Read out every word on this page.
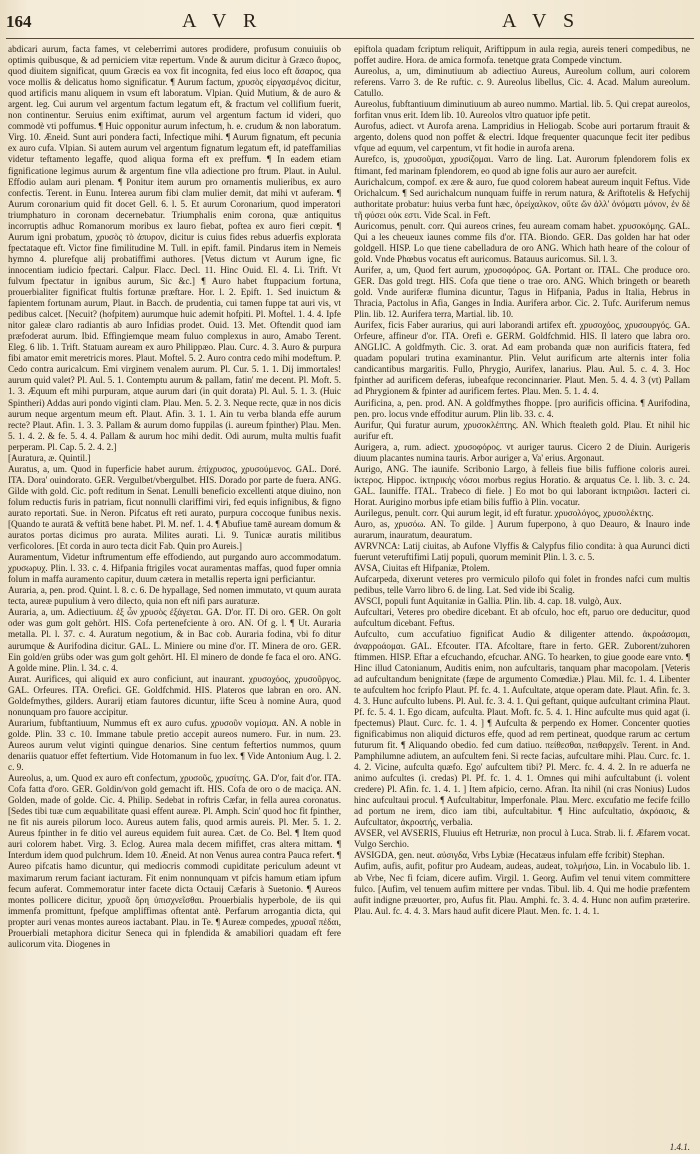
164	A V R	A V S
abdicari aurum, facta fames, vt celeberrimi autores prodidere, profusum conuiuiis ob optimis quibusque, & ad perniciem vitæ repertum. Vnde & aurum dicitur à Græco ἄυρος, quod diuitem significat, quum Græcis ea vox fit incognita, fed eius loco eft ἄσαρος, qua voce mollis & delicatus homo significatur. ¶ Aurum factum, χρυσὸς εἰργασμένος dicitur, quod artificis manu aliquem in vsum eft laboratum. Vlpian. Quid Mutium, & de auro & argent. leg. Cui aurum vel argentum factum legatum eft, & fractum vel collifium fuerit, non continentur. Seruius enim exiftimat, aurum vel argentum factum id videri, quo commodè vti poffumus. ¶ Huic opponitur aurum infectum, h. e. crudum & non laboratum. Virg. 10. Æneid. Sunt auri pondera facti, Infectique mihi. ¶ Aurum fignatum, eft pecunia ex auro cufa. Vlpian. Si autem aurum vel argentum fignatum legatum eft, id pateffamilias videtur teftamento legaffe, quod aliqua forma eft ex preffum. ¶ In eadem etiam fignificatione legimus aurum & argentum fine vlla adiectione pro ftrum. Plaut. in Aulul. Effodio aulam auri plenam. ¶ Ponitur item aurum pro ornamentis mulieribus, ex auro confectis. Terent. in Eunu. Interea aurum fibi clam mulier demit, dat mihi vt auferam. ¶ Aurum coronarium quid fit docet Gell. 6. l. 5. Et aurum Coronarium, quod imperatori triumphaturo in coronam decernebatur. Triumphalis enim corona, quæ antiquitus incorruptis adhuc Romanorum moribus ex lauro fiebat, poftea ex auro fieri cœpit. ¶ Aurum igni probatum, χρυσὸς τὸ ἀπυρον, dicitur is cuius fides rebus aduerfis explorata fpectataque eft. Victor fine fimilitudine M. Tull. in epift. famil. Pindarus item in Nemeis hymno 4. plurefque alij probatiffimi authores. [Vetus dictum vt Aurum igne, fic innocentiam iudicio fpectari. Calpur. Flacc. Decl. 11. Hinc Ouid. El. 4. Li. Trift. Vt fulvum fpectatur in ignibus aurum, Sic &c.] ¶ Auro habet ftuppacium fortuna, prouerbialiter fignificat ftultis fortunæ præftare. Hor. l. 2. Epift. 1. Sed inuictum & fapientem fortunam aurum, Plaut. in Bacch. de prudentia, cui tamen fuppe tat auri vis, vt pedibus calcet. [Necuit? (hofpitem) aurumque huic ademit hofpiti. Pl. Moftel. 1. 4. 4. Ipfe nitor galeæ claro radiantis ab auro Infidias prodet. Ouid. 13. Met. Oftendit quod iam præfoderat aurum. Ibid. Effingiemque meam fuluo complexus in auro, Amabo Terent. Eleg. 6 lib. 1. Trift. Statuam auream ex auro Philippæo. Plau. Curc. 4. 3. Auro & purpura fibi amator emit meretricis mores. Plaut. Moftel. 5. 2. Auro contra cedo mihi modeftum. P. Cedo contra auricalcum. Emi virginem venalem aurum. Pl. Cur. 5. 1. 1. Dij immortales! aurum quid valet? Pl. Aul. 5. 1. Contemptu aurum & pallam, fatin' me decent. Pl. Moft. 5. 1. 3. Æquum eft mihi purpuram, atque aurum dari (in quit dorata) Pl. Aul. 5. 1. 3. (Huic Spintheri) Addas auri pondo viginti clam. Plau. Men. 5. 2. 3. Neque recte, quæ in nos dicis aurum neque argentum meum eft. Plaut. Afin. 3. 1. 1. Ain tu verba blanda effe aurum recte? Plaut. Afin. 1. 3. 3. Pallam & aurum domo fuppilas (i. aureum fpinther) Plau. Men. 5. 1. 4. 2. & fe. 5. 4. 4. Pallam & aurum hoc mihi dedit. Odi aurum, multa multis fuafit perperam. Pl. Cap. 5. 2. 4. 2.]
[Auratura, æ. Quintil.]
Auratus, a, um. Quod in fuperficie habet aurum. ἐπίχρυσος, χρυσούμενος. GAL. Doré. ITA. Dora' ouindorato. GER. Vergulbet/vbergulbet. HIS. Dorado por parte de fuera. ANG. Gilde with gold. Cic. poft reditum in Senat. Lenulli beneficio excellenti atque diuino, non folum reductis furis in patriam, ficut nonnulli clariffimi viri, fed equis infignibus, & figno aurato reportati. Sue. in Neron. Pifcatus eft reti aurato, purpura coccoque funibus nexis. [Quando te auratā & veftitā bene habet. Pl. M. nef. 1. 4. ¶ Abufiue tamē auream domum & auratos portas dicimus pro aurata. Milites aurati. Li. 9. Tunicæ auratis militibus verficolores. [Et corda in auro tecta dicit Fab. Quin pro Aureis.]
Auramentum, Videtur inftrumentum effe effodiendo, aut purgando auro accommodatum. χρυσωρυχ. Plin. l. 33. c. 4. Hifpania ftrigiles vocat auramentas maffas, quod fuper omnia folum in maffa auramento capitur, duum cætera in metallis reperta igni perficiantur.
Auraria, a, pen. prod. Quint. l. 8. c. 6. De hypallage, Sed nomen immutato, vt quum aurata tecta, aureæ pupulium à vero dilecto, quia non eft nifi pars auraturæ.
Auraria, a, um. Adiectiuum. ἐξ ὧν χρυσὸς ἐξάγεται. GA. D'or. IT. Di oro. GER. On golt oder was gum golt gehört. HIS. Cofa pertenefciente à oro. AN. Of g. l. ¶ Ut. Auraria metalla. Pl. l. 37. c. 4. Auratum negotium, & in Bac cob. Auraria fodina, vbi fo ditur aurumque & Aurifodina dicitur. GAL. L. Miniere ou mine d'or. IT. Minera de oro. GER. Ein gold/en grübs oder was gum golt gehört. HI. El minero de donde fe faca el oro. ANG. A golde mine. Plin. l. 34. c. 4.
Aurat. Aurifices, qui aliquid ex auro conficiunt, aut inaurant. χρυσοχόος, χρυσοῦργος. GAL. Orfeures. ITA. Orefici. GE. Goldfchmid. HIS. Plateros que labran en oro. AN. Goldefmythes, gilders. Aurarij etiam fautores dicuntur, iifte Sceu à nomine Aura, quod nonunquam pro fauore accipitur.
Aurarium, fubftantiuum, Nummus eft ex auro cufus. χρυσοῦν νομίσμα. AN. A noble in golde. Plin. 33 c. 10. Immane tabule pretio accepit aureos numero. Fur. in num. 23. Aureos aurum velut viginti quingue denarios. Sine centum feftertios nummos, quum denariis quatuor effet feftertium. Vide Hotomanum in fuo lex. ¶ Vide Antonium Aug. l. 2. c. 9.
Aureolus, a, um. Quod ex auro eft confectum, χρυσοῦς, χρυσίτης. GA. D'or, fait d'or. ITA. Cofa fatta d'oro. GER. Goldin/von gold gemacht ift. HIS. Cofa de oro o de maciça. AN. Golden, made of golde. Cic. 4. Philip. Sedebat in roftris Cæfar, in fella aurea coronatus. [Sedes tibi tuæ cum æquabilitate quasi effent aureæ. Pl. Amph. Scin' quod hoc fit fpinther, ne fit nis aureis pilorum loco. Aureus autem falis, quod armis aureis. Pl. Mer. 5. 1. 2. Aureus fpinther in fe ditio vel aureus equidem fuit aurea. Cæt. de Co. Bel. ¶ Item quod auri colorem habet. Virg. 3. Eclog. Aurea mala decem mififfet, cras altera mittam. ¶ Interdum idem quod pulchrum. Idem 10. Æneid. At non Venus aurea contra Pauca refert. ¶ Aureo pifcatis hamo dicuntur, qui mediocris commodi cupiditate periculum adeunt vt maximarum rerum faciant iacturam. Fit enim nonnunquam vt pifcis hamum etiam ipfum fecum auferat. Commemoratur inter facete dicta Octauij Cæfaris à Suetonio. ¶ Aureos montes pollicere dicitur, χρυσᾶ ὄρη ὑπισχνεῖσθαι. Prouerbialis hyperbole, de iis qui immenfa promittunt, fpefque ampliffimas oftentat antè. Perfarum arrogantia dicta, qui propter auri venas montes aureos iactabant. Plau. in Te. ¶ Aureæ compedes, χρυσαῖ πέδαι, Prouerbiali metaphora dicitur Seneca qui in fplendida & amabiliori quadam eft fere aulicorum vita. Diogenes in
epiftola quadam fcriptum reliquit, Ariftippum in aula regia, aureis teneri compedibus, ne poffet audire. Hora. de amica formofa. tenetque grata Compede vinctum.
Aureolus, a, um, diminutiuum ab adiectiuo Aureus, Aureolum collum, auri colorem referens. Varro 3. de Re ruftic. c. 9. Aureolus libellus, Cic. 4. Acad. Malum aureolum. Catullo.
Aureolus, fubftantiuum diminutiuum ab aureo nummo. Martial. lib. 5. Qui crepat aureolos, forfitan vnus erit. Idem lib. 10. Aureolos vltro quatuor ipfe petit.
Aurofus, adiect. vt Aurofa arena. Lampridius in Heliogab. Scobe auri portarum ftrauit & argento, dolens quod non poffet & electri. Idque frequenter quacunque fecit iter pedibus vfque ad equum, vel carpentum, vt fit hodie in aurofa arena.
Aurefco, is, χρυσοῦμαι, χρυσίζομαι. Varro de ling. Lat. Aurorum fplendorem folis ex ftimant, fed marinam fplendorem, eo quod ab igne folis aur auro aer aurefcit.
Aurichalcum, compof. ex ære & auro, fue quod colorem habeat aureum inquit Feftus. Vide Orichalcum. ¶ Sed aurichalcum nunquam fuiffe in rerum natura, & Ariftotelis & Hefychij authoritate probatur: huius verba funt hæc, ὀρείχαλκον, οὔτε ὤν ἀλλ' ὀνόματι μόνον, ἐν δὲ τῆ φύσει οὐκ εστι. Vide Scal. in Feft.
Auricomus, penult. corr. Qui aureos crines, feu auream comam habet. χρυσοκόμης. GAL. Qui a les cheueux iaunes comme fils d'or. ITA. Biondo. GER. Das golden har hat oder goldgell. HISP. Lo que tiene cabelladura de oro ANG. Which hath heare of the colour of gold. Vnde Phœbus vocatus eft auricomus. Batauus auricomus. Sil. l. 3.
Aurifer, a, um, Quod fert aurum, χρυσοφόρος. GA. Portant or. ITAL. Che produce oro. GER. Das gold tregt. HIS. Cofa que tiene o trae oro. ANG. Which bringeth or beareth gold. Vnde auriferæ flumina dicuntur, Tagus in Hifpania, Padus in Italia, Hebrus in Thracia, Pactolus in Afia, Ganges in India. Aurifera arbor. Cic. 2. Tufc. Auriferum nemus Plin. lib. 12. Aurifera terra, Martial. lib. 10.
Aurifex, ficis Faber aurarius, qui auri laborandi artifex eft. χρυσοχόος, χρυσουργός. GA. Orfeure, affineur d'or. ITA. Orefi e. GERM. Goldfchmid. HIS. Il latero que labra oro. ANGLIC. A goldfmyth. Cic. 3. orat. Ad eam probanda quæ non aurificis ftatera, fed quadam populari trutina examinantur. Plin. Velut aurificum arte alternis inter folia candicantibus margaritis. Fullo, Phrygio, Aurifex, lanarius. Plau. Aul. 5. c. 4. 3. Hoc fpinther ad aurificem deferas, iubeafque reconcinnarier. Plaut. Men. 5. 4. 4. 3 (vt) Pallam ad Phrygionem & fpinter ad aurificem fertes. Plau. Men. 5. 1. 4. 4.
Aurificina, a, pen. prod. AN. A goldfmythes fhoppe. [pro aurificis officina. ¶ Aurifodina, pen. pro. locus vnde effoditur aurum. Plin lib. 33. c. 4.
Aurifur, Qui furatur aurum, χρυσοκλέπτης. AN. Which ftealeth gold. Plau. Et nihil hic aurifur eft.
Aurigera, a, rum. adiect. χρυσοφόρος. vt auriger taurus. Cicero 2 de Diuin. Aurigeris diuum placantes numina tauris. Arbor auriger a, Va' erius. Argonaut.
Aurigo, ANG. The iaunife. Scribonio Largo, à felleis fiue bilis fuffione coloris aurei. ἰκτερος. Hippoc. ἰκτηρικὴς νόσοι morbus regius Horatio. & arquatus Ce. l. lib. 3. c. 24. GAL. Iauniffe. ITAL. Trabeco di fiele. ] Eo mot bo qui laborant ἰκτηριῶσι. Iacteri ci. Horat. Aurigino morbus ipfe etiam bilis fuffio à Plin. vocatur.
Aurilegus, penult. corr. Qui aurum legit, id eft furatur. χρυσολόγος, χρυσολέκτης.
Auro, as, χρυσόω. AN. To gilde. ] Aurum fuperpono, à quo Deauro, & Inauro inde aurarum, inauratum, deauratum.
AVRVNCA: Latij ciuitas, ab Aufone Vlyffis & Calypfus filio condita: à qua Aurunci dicti fuerunt veteruftifimi Latij populi, quorum meminit Plin. l. 3. c. 5.
AVSA, Ciuitas eft Hifpaniæ, Ptolem.
Aufcarpeda, dixerunt veteres pro vermiculo pilofo qui folet in frondes nafci cum multis pedibus, telle Varro libro 6. de ling. Lat. Sed vide ibi Scalig.
AVSCI, populi funt Aquitaniæ in Gallia. Plin. lib. 4. cap. 18. vulgò, Aux.
Aufcultari, Veteres pro obedire dicebant. Et ab ofculo, hoc eft, paruo ore deducitur, quod aufcultum dicebant. Feftus.
Aufculto, cum accufatiuo fignificat Audio & diligenter attendo. ἀκροάσομαι, ἀναρροάομαι. GAL. Efcouter. ITA. Afcoltare, ftare in ferto. GER. Zuborent/zuhoren ftimmen. HISP. Eftar a efcuchando, efcuchar. ANG. To hearken, to giue goode eare vnto. ¶ Hinc illud Catonianum, Auditis enim, non aufcultaris, tanquam phar macopolam. [Veteris ad aufcultandum benignitate (fæpe de argumento Comœdiæ.) Plau. Mil. fc. 1. 4. Libenter te aufcultem hoc fcripfo Plaut. Pf. fc. 4. 1. Aufcultate, atque operam date. Plaut. Afin. fc. 3. 4. 3. Hunc aufculto lubens. Pl. Aul. fc. 3. 4. 1. Qui geftant, quique aufcultant crimina Plaut. Pf. fc. 5. 4. 1. Ego dicam, aufculta. Plaut. Moft. fc. 5. 4. 1. Hinc aufculte mus quid agat (i. fpectemus) Plaut. Curc. fc. 1. 4. ] ¶ Aufculta & perpendo ex Homer. Concenter quoties fignificabimus non aliquid dicturos effe, quod ad rem pertineat, quodque rarum ac certum futurum fit. ¶ Aliquando obedio. fed cum datiuo. πείθεσθαι, πειθαρχεῖν. Terent. in And. Pamphilumne adiutem, an aufcultem feni. Si recte facias, aufcultare mihi. Plau. Curc. fc. 1. 4. 2. Vicine, aufculta quæfo. Ego' aufcultem tibi? Pl. Merc. fc. 4. 4. 2. In re aduerfa ne animo aufcultes (i. credas) Pl. Pf. fc. 1. 4. 1. Omnes qui mihi aufcultabunt (i. volent credere) Pl. Afin. fc. 1. 4. 1. ] Item afpicio, cerno. Afran. Ita nihil (ni cras Nonius) Ludos hinc aufcultaui procul. ¶ Aufcultabitur, Imperfonale. Plau. Merc. excufatio me fecife fcillo ad portum ne irem, dico iam tibi, aufcultabitur. ¶ Hinc aufcultatio, ἀκρόασις, & Aufcultator, ἀκροατής, verbalia.
AVSER, vel AVSERIS, Fluuius eft Hetruriæ, non procul à Luca. Strab. li. f. Æfarem vocat. Vulgo Serchio.
AVSIGDA, gen. neut. αὐσιγδα, Vrbs Lybiæ (Hecatæus infulam effe fcribit) Stephan.
Aufim, aufis, aufit, pofitur pro Audeam, audeas, audeat, τολμήσω, Lin. in Vocabulo lib. 1. ab Vrbe, Nec fi fciam, dicere aufim. Virgil. 1. Georg. Aufim vel tenui vitem committere fulco. [Aufim, vel tenuem aufim mittere per vndas. Tibul. lib. 4. Qui me hodie præfentem aufit indigne præuorter, pro, Aufus fit. Plau. Amphi. fc. 3. 4. 4. Hunc non aufim præterire. Plau. Aul. fc. 4. 4. 3. Mars haud aufit dicere Plaut. Men. fc. 1. 4. 1.
1.4.1.
